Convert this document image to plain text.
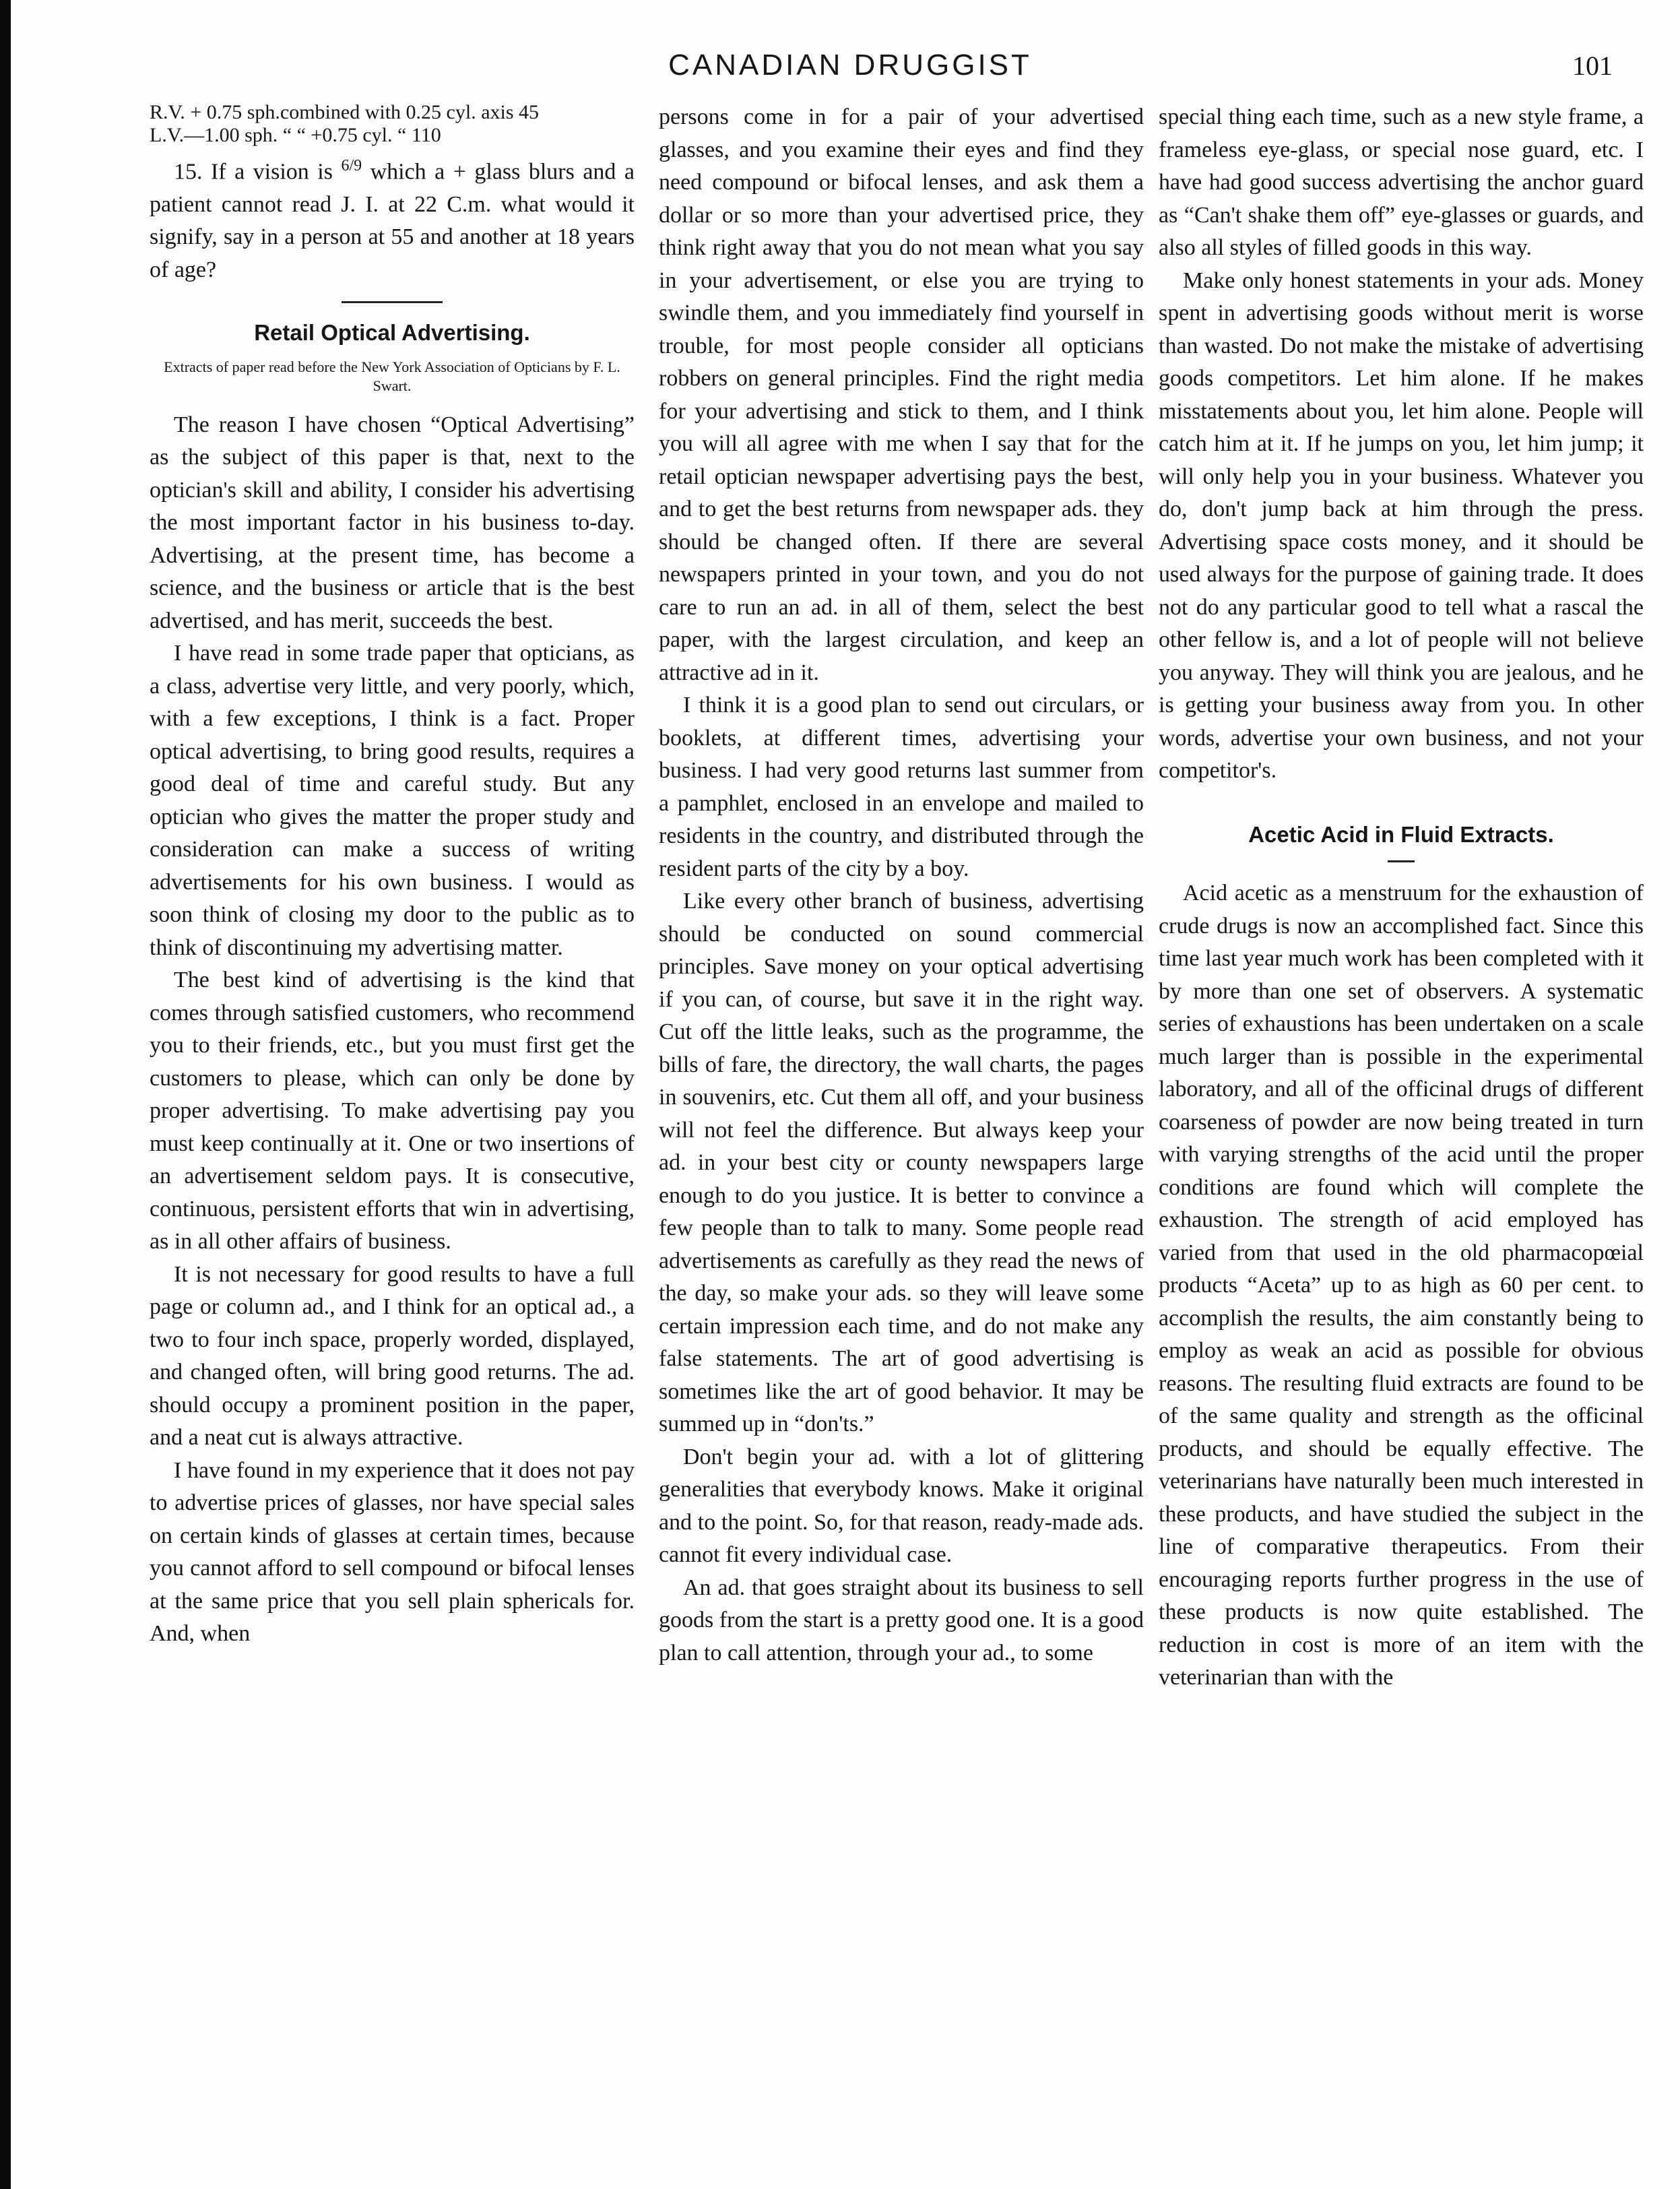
CANADIAN DRUGGIST	101
R.V. + 0.75 sph.combined with 0.25 cyl. axis 45
L.V.—1.00 sph. “ “ +0.75 cyl. “ 110

15. If a vision is $^{6/9}$ which a + glass blurs and a patient cannot read J. I. at 22 C.m. what would it signify, say in a person at 55 and another at 18 years of age?

Retail Optical Advertising.
Extracts of paper read before the New York Association of Opticians by F. L. Swart.

The reason I have chosen “Optical Advertising” as the subject of this paper is that, next to the optician's skill and ability, I consider his advertising the most important factor in his business to-day. Advertising, at the present time, has become a science, and the business or article that is the best advertised, and has merit, succeeds the best.

I have read in some trade paper that opticians, as a class, advertise very little, and very poorly, which, with a few exceptions, I think is a fact. Proper optical advertising, to bring good results, requires a good deal of time and careful study. But any optician who gives the matter the proper study and consideration can make a success of writing advertisements for his own business. I would as soon think of closing my door to the public as to think of discontinuing my advertising matter.

The best kind of advertising is the kind that comes through satisfied customers, who recommend you to their friends, etc., but you must first get the customers to please, which can only be done by proper advertising. To make advertising pay you must keep continually at it. One or two insertions of an advertisement seldom pays. It is consecutive, continuous, persistent efforts that win in advertising, as in all other affairs of business.

It is not necessary for good results to have a full page or column ad., and I think for an optical ad., a two to four inch space, properly worded, displayed, and changed often, will bring good returns. The ad. should occupy a prominent position in the paper, and a neat cut is always attractive.

I have found in my experience that it does not pay to advertise prices of glasses, nor have special sales on certain kinds of glasses at certain times, because you cannot afford to sell compound or bifocal lenses at the same price that you sell plain sphericals for. And, when

persons come in for a pair of your advertised glasses, and you examine their eyes and find they need compound or bifocal lenses, and ask them a dollar or so more than your advertised price, they think right away that you do not mean what you say in your advertisement, or else you are trying to swindle them, and you immediately find yourself in trouble, for most people consider all opticians robbers on general principles. Find the right media for your advertising and stick to them, and I think you will all agree with me when I say that for the retail optician newspaper advertising pays the best, and to get the best returns from newspaper ads. they should be changed often. If there are several newspapers printed in your town, and you do not care to run an ad. in all of them, select the best paper, with the largest circulation, and keep an attractive ad in it.

I think it is a good plan to send out circulars, or booklets, at different times, advertising your business. I had very good returns last summer from a pamphlet, enclosed in an envelope and mailed to residents in the country, and distributed through the resident parts of the city by a boy.

Like every other branch of business, advertising should be conducted on sound commercial principles. Save money on your optical advertising if you can, of course, but save it in the right way. Cut off the little leaks, such as the programme, the bills of fare, the directory, the wall charts, the pages in souvenirs, etc. Cut them all off, and your business will not feel the difference. But always keep your ad. in your best city or county newspapers large enough to do you justice. It is better to convince a few people than to talk to many. Some people read advertisements as carefully as they read the news of the day, so make your ads. so they will leave some certain impression each time, and do not make any false statements. The art of good advertising is sometimes like the art of good behavior. It may be summed up in “don'ts.”

Don't begin your ad. with a lot of glittering generalities that everybody knows. Make it original and to the point. So, for that reason, ready-made ads. cannot fit every individual case.

An ad. that goes straight about its business to sell goods from the start is a pretty good one. It is a good plan to call attention, through your ad., to some

special thing each time, such as a new style frame, a frameless eye-glass, or special nose guard, etc. I have had good success advertising the anchor guard as “Can't shake them off” eye-glasses or guards, and also all styles of filled goods in this way.

Make only honest statements in your ads. Money spent in advertising goods without merit is worse than wasted. Do not make the mistake of advertising goods competitors. Let him alone. If he makes misstatements about you, let him alone. People will catch him at it. If he jumps on you, let him jump; it will only help you in your business. Whatever you do, don't jump back at him through the press. Advertising space costs money, and it should be used always for the purpose of gaining trade. It does not do any particular good to tell what a rascal the other fellow is, and a lot of people will not believe you anyway. They will think you are jealous, and he is getting your business away from you. In other words, advertise your own business, and not your competitor's.

Acetic Acid in Fluid Extracts.

Acid acetic as a menstruum for the exhaustion of crude drugs is now an accomplished fact. Since this time last year much work has been completed with it by more than one set of observers. A systematic series of exhaustions has been undertaken on a scale much larger than is possible in the experimental laboratory, and all of the officinal drugs of different coarseness of powder are now being treated in turn with varying strengths of the acid until the proper conditions are found which will complete the exhaustion. The strength of acid employed has varied from that used in the old pharmacopœial products “Aceta” up to as high as 60 per cent. to accomplish the results, the aim constantly being to employ as weak an acid as possible for obvious reasons. The resulting fluid extracts are found to be of the same quality and strength as the officinal products, and should be equally effective. The veterinarians have naturally been much interested in these products, and have studied the subject in the line of comparative therapeutics. From their encouraging reports further progress in the use of these products is now quite established. The reduction in cost is more of an item with the veterinarian than with the
